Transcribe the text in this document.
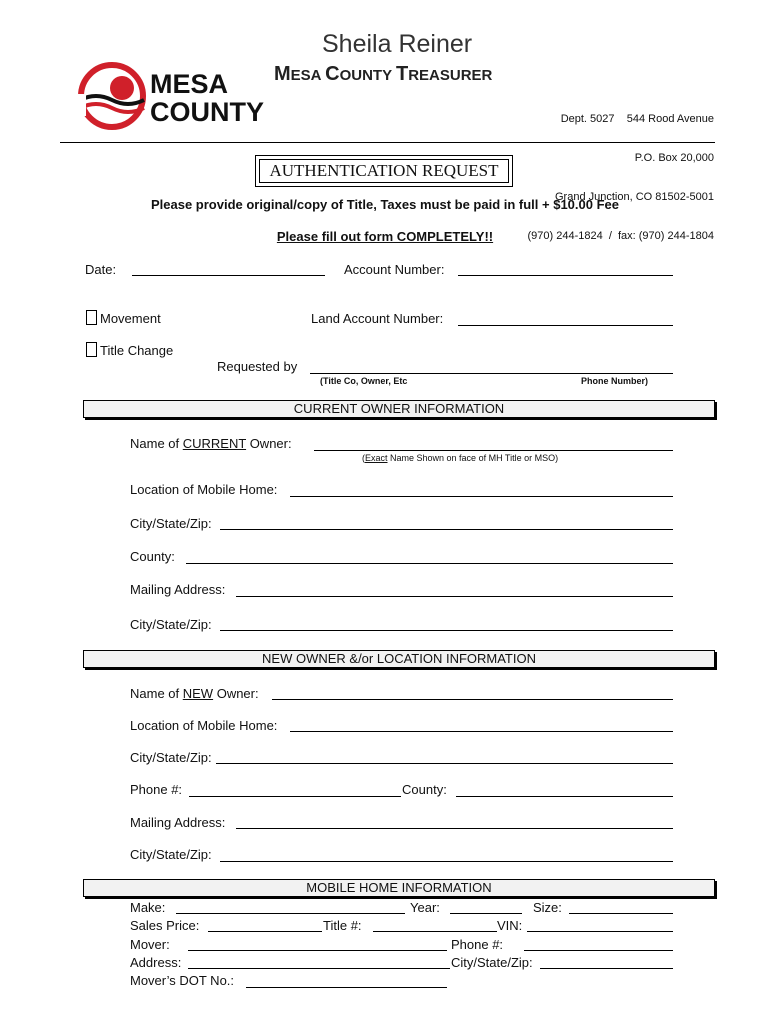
MESA
COUNTY
Sheila Reiner
MESA COUNTY TREASURER

Dept. 5027    544 Rood Avenue

P.O. Box 20,000

Grand Junction, CO 81502-5001

(970) 244-1824  /  fax: (970) 244-1804

AUTHENTICATION REQUEST
Please provide original/copy of Title, Taxes must be paid in full + $10.00 Fee
Please fill out form COMPLETELY!!
Date:	Account Number:
Movement	Land Account Number:
Title Change
Requested by
(Title Co, Owner, Etc	Phone Number)
CURRENT OWNER INFORMATION
Name of CURRENT Owner:
(Exact Name Shown on face of MH Title or MSO)
Location of Mobile Home:
City/State/Zip:
County:
Mailing Address:
City/State/Zip:
NEW OWNER &/or LOCATION INFORMATION
Name of NEW Owner:
Location of Mobile Home:
City/State/Zip:
Phone #:	County:
Mailing Address:
City/State/Zip:
MOBILE HOME INFORMATION
Make:	Year:	Size:
Sales Price:	Title #:	VIN:
Mover:	Phone #:
Address:	City/State/Zip:
Mover’s DOT No.:
